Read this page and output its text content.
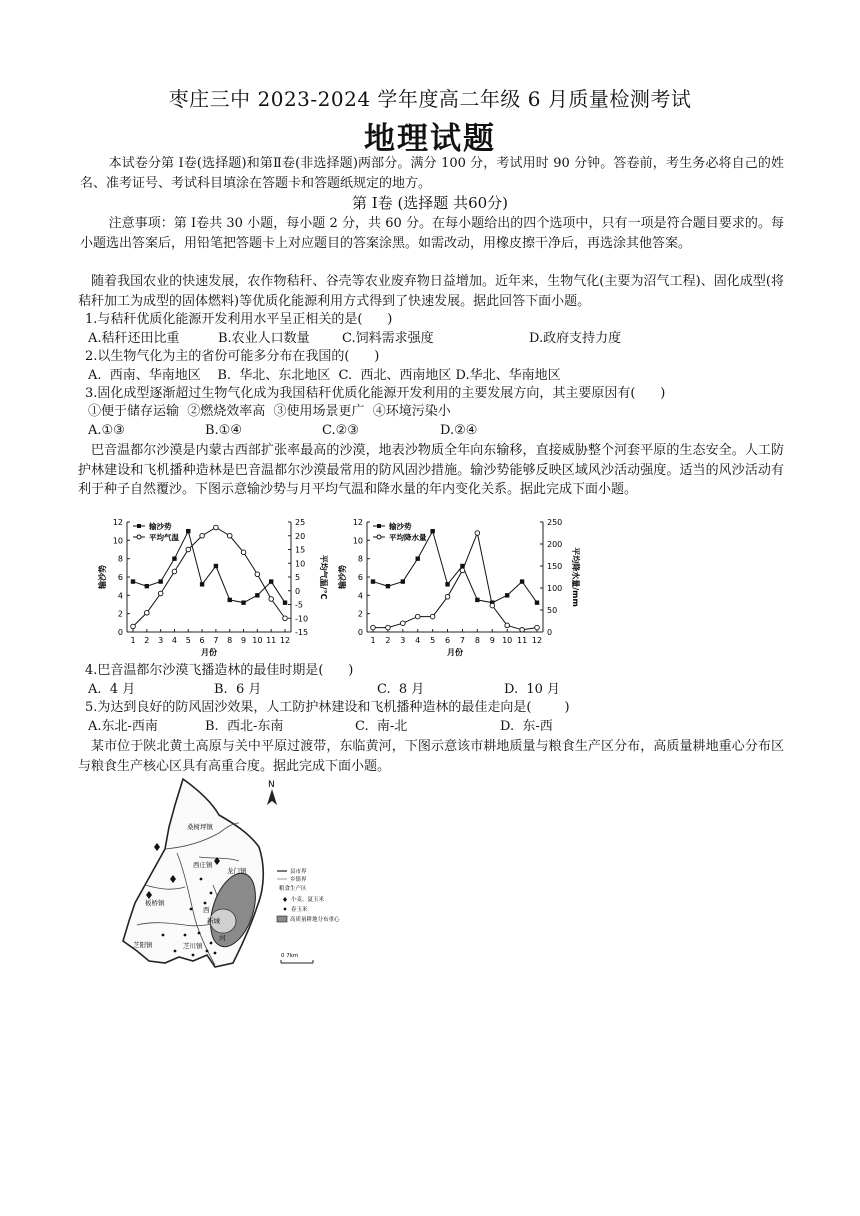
枣庄三中 2023-2024 学年度高二年级 6 月质量检测考试
地理试题

本试卷分第 Ⅰ卷(选择题)和第Ⅱ卷(非选择题)两部分。满分 100 分，考试用时 90 分钟。答卷前，考生务必将自己的姓名、准考证号、考试科目填涂在答题卡和答题纸规定的地方。

第 Ⅰ卷 (选择题 共60分)

注意事项：第 Ⅰ卷共 30 小题，每小题 2 分，共 60 分。在每小题给出的四个选项中，只有一项是符合题目要求的。每小题选出答案后，用铅笔把答题卡上对应题目的答案涂黑。如需改动，用橡皮擦干净后，再选涂其他答案。

随着我国农业的快速发展，农作物秸秆、谷壳等农业废弃物日益增加。近年来，生物气化(主要为沼气工程)、固化成型(将秸秆加工为成型的固体燃料)等优质化能源利用方式得到了快速发展。据此回答下面小题。

1.与秸秆优质化能源开发利用水平呈正相关的是(      )
A.秸秆还田比重	B.农业人口数量 C.饲料需求强度	D.政府支持力度
2.以生物气化为主的省份可能多分布在我国的(      )
A.  西南、华南地区    B.  华北、东北地区  C.  西北、西南地区 D.华北、华南地区
3.固化成型逐渐超过生物气化成为我国秸秆优质化能源开发利用的主要发展方向，其主要原因有(      )
①便于储存运输  ②燃烧效率高  ③使用场景更广  ④环境污染小
A.①③	B.①④	C.②③	D.②④

巴音温都尔沙漠是内蒙古西部扩张率最高的沙漠，地表沙物质全年向东输移，直接威胁整个河套平原的生态安全。人工防护林建设和飞机播种造林是巴音温都尔沙漠最常用的防风固沙措施。输沙势能够反映区域风沙活动强度。适当的风沙活动有利于种子自然覆沙。下图示意输沙势与月平均气温和降水量的年内变化关系。据此完成下面小题。

0
2
4
6
8
10
12
-15
-10
-5
0
5
10
15
20
25
1 2 3 4 5 6 7 8 9 10 11 12
月份
输沙势	平均气温/℃
输沙势
平均气温
0
2
4
6
8
10
12
0
50
100
150
200
250
1 2 3 4 5 6 7 8 9 10 11 12
月份
输沙势	平均降水量/mm
输沙势
平均降水量
4.巴音温都尔沙漠飞播造林的最佳时期是(      )
A.  4 月	B.  6 月	C.  8 月	D.  10 月
5.为达到良好的防风固沙效果，人工防护林建设和飞机播种造林的最佳走向是(        )
A.东北-西南	B.  西北-东南	C.  南-北	D.  东-西

某市位于陕北黄土高原与关中平原过渡带，东临黄河，下图示意该市耕地质量与粮食生产区分布，高质量耕地重心分布区与粮食生产核心区具有高重合度。据此完成下面小题。

N
桑树坪镇
西庄镇
龙门镇
板桥镇
芝阳镇	芝川镇
新城
西
河
县市界
乡镇界
粮食生产区
小麦、夏玉米
春玉米
高质量耕地分布重心
0 7km
